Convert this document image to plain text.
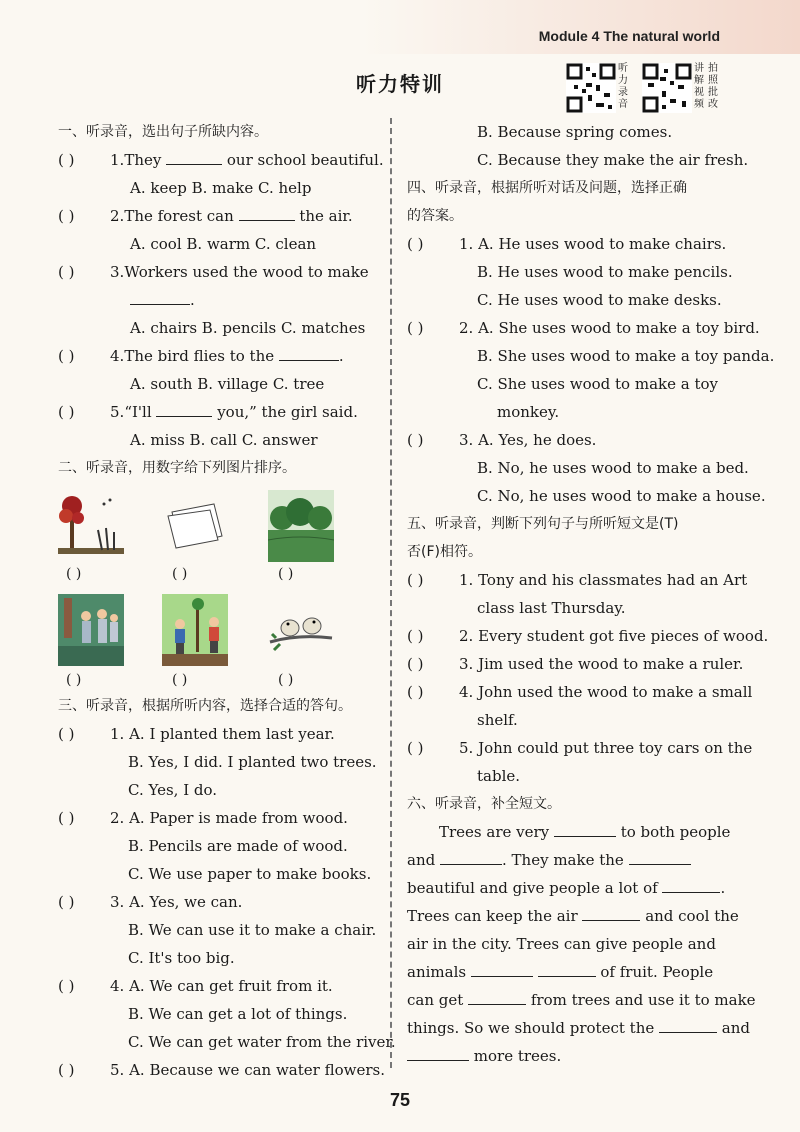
Module 4 The natural world
听力特训
听力录音
讲解视频
拍照批改
一、听录音，选出句子所缺内容。
( ) 1.They	our school beautiful.
A. keep B. make C. help
( ) 2.The forest can	the air.
A. cool B. warm C. clean
( ) 3.Workers used the wood to make
.
A. chairs B. pencils C. matches
( ) 4.The bird flies to the	.
A. south B. village C. tree
( ) 5.“I'll	you,” the girl said.
A. miss B. call C. answer
二、听录音，用数字给下列图片排序。
( )	( )	( )
( )	( )	( )
三、听录音，根据所听内容，选择合适的答句。
( ) 1. A. I planted them last year.
B. Yes, I did. I planted two trees.
C. Yes, I do.
( ) 2. A. Paper is made from wood.
B. Pencils are made of wood.
C. We use paper to make books.
( ) 3. A. Yes, we can.
B. We can use it to make a chair.
C. It's too big.
( ) 4. A. We can get fruit from it.
B. We can get a lot of things.
C. We can get water from the river.
( ) 5. A. Because we can water flowers.
B. Because spring comes.
C. Because they make the air fresh.
四、听录音，根据所听对话及问题，选择正确
的答案。
( ) 1. A. He uses wood to make chairs.
B. He uses wood to make pencils.
C. He uses wood to make desks.
( ) 2. A. She uses wood to make a toy bird.
B. She uses wood to make a toy panda.
C. She uses wood to make a toy
monkey.
( ) 3. A. Yes, he does.
B. No, he uses wood to make a bed.
C. No, he uses wood to make a house.
五、听录音，判断下列句子与所听短文是(T)
否(F)相符。
( ) 1. Tony and his classmates had an Art
class last Thursday.
( ) 2. Every student got five pieces of wood.
( ) 3. Jim used the wood to make a ruler.
( ) 4. John used the wood to make a small
shelf.
( ) 5. John could put three toy cars on the
table.
六、听录音，补全短文。
Trees are very	to both people
and	. They make the
beautiful and give people a lot of	.
Trees can keep the air	and cool the
air in the city. Trees can give people and
animals	of fruit. People
can get	from trees and use it to make
things. So we should protect the	and
more trees.
75
